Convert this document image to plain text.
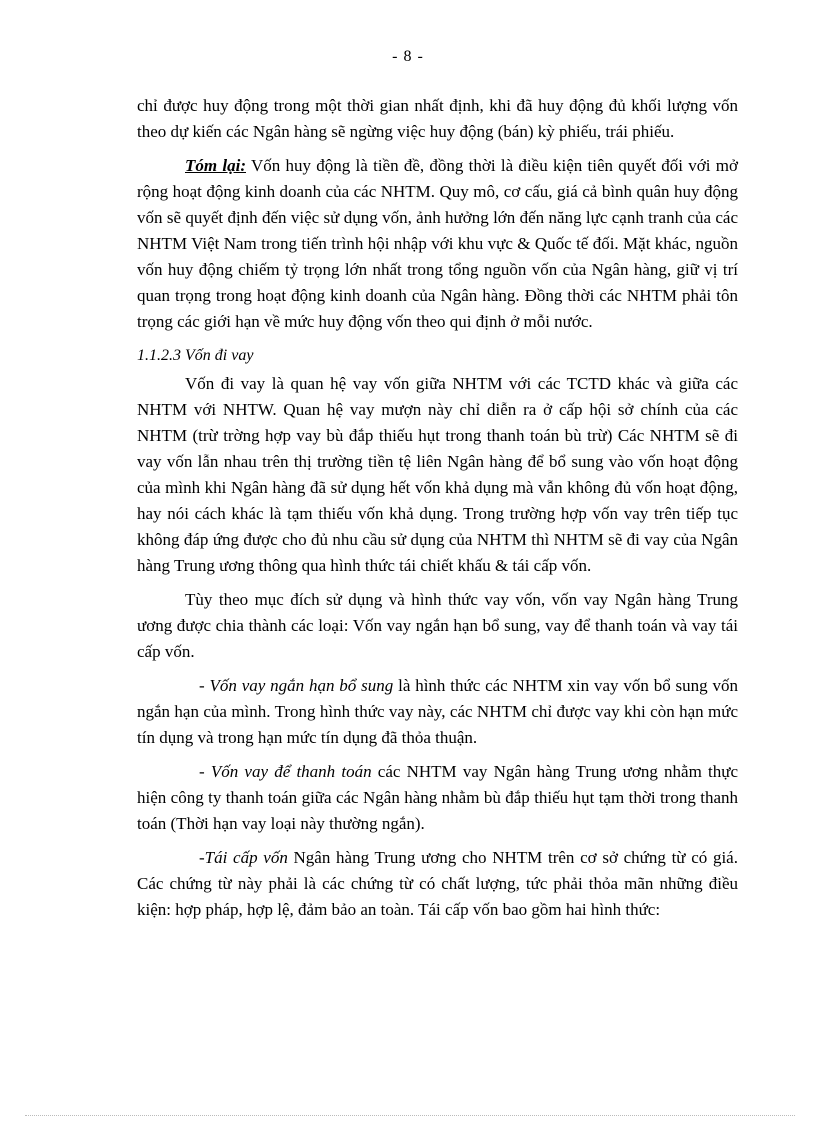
- 8 -

chỉ được huy động trong một thời gian nhất định, khi đã huy động đủ khối lượng vốn theo dự kiến các Ngân hàng sẽ ngừng việc huy động (bán) kỳ phiếu, trái phiếu.

Tóm lại: Vốn huy động là tiền đề, đồng thời là điều kiện tiên quyết đối với mở rộng hoạt động kinh doanh của các NHTM. Quy mô, cơ cấu, giá cả bình quân huy động vốn sẽ quyết định đến việc sử dụng vốn, ảnh hưởng lớn đến năng lực cạnh tranh của các NHTM Việt Nam trong tiến trình hội nhập với khu vực & Quốc tế đối. Mặt khác, nguồn vốn huy động chiếm tỷ trọng lớn nhất trong tổng nguồn vốn của Ngân hàng, giữ vị trí quan trọng trong hoạt động kinh doanh của Ngân hàng. Đồng thời các NHTM phải tôn trọng các giới hạn về mức huy động vốn theo qui định ở mỗi nước.

1.1.2.3 Vốn đi vay

Vốn đi vay là quan hệ vay vốn giữa NHTM với các TCTD khác và giữa các NHTM với NHTW. Quan hệ vay mượn này chỉ diễn ra ở cấp hội sở chính của các NHTM (trừ trờng hợp vay bù đắp thiếu hụt trong thanh toán bù trừ) Các NHTM sẽ đi vay vốn lẫn nhau trên thị trường tiền tệ liên Ngân hàng để bổ sung vào vốn hoạt động của mình khi Ngân hàng đã sử dụng hết vốn khả dụng mà vẫn không đủ vốn hoạt động, hay nói cách khác là tạm thiếu vốn khả dụng. Trong trường hợp vốn vay trên tiếp tục không đáp ứng được cho đủ nhu cầu sử dụng của NHTM thì NHTM sẽ đi vay của Ngân hàng Trung ương thông qua hình thức tái chiết khấu & tái cấp vốn.

Tùy theo mục đích sử dụng và hình thức vay vốn, vốn vay Ngân hàng Trung ương được chia thành các loại: Vốn vay ngắn hạn bổ sung, vay để thanh toán và vay tái cấp vốn.

- Vốn vay ngắn hạn bổ sung là hình thức các NHTM xin vay vốn bổ sung vốn ngắn hạn của mình. Trong hình thức vay này, các NHTM chỉ được vay khi còn hạn mức tín dụng và trong hạn mức tín dụng đã thỏa thuận.

- Vốn vay để thanh toán các NHTM vay Ngân hàng Trung ương nhằm thực hiện công ty thanh toán giữa các Ngân hàng nhằm bù đắp thiếu hụt tạm thời trong thanh toán (Thời hạn vay loại này thường ngắn).

-Tái cấp vốn Ngân hàng Trung ương cho NHTM trên cơ sở chứng từ có giá. Các chứng từ này phải là các chứng từ có chất lượng, tức phải thỏa mãn những điều kiện: hợp pháp, hợp lệ, đảm bảo an toàn. Tái cấp vốn bao gồm hai hình thức:
